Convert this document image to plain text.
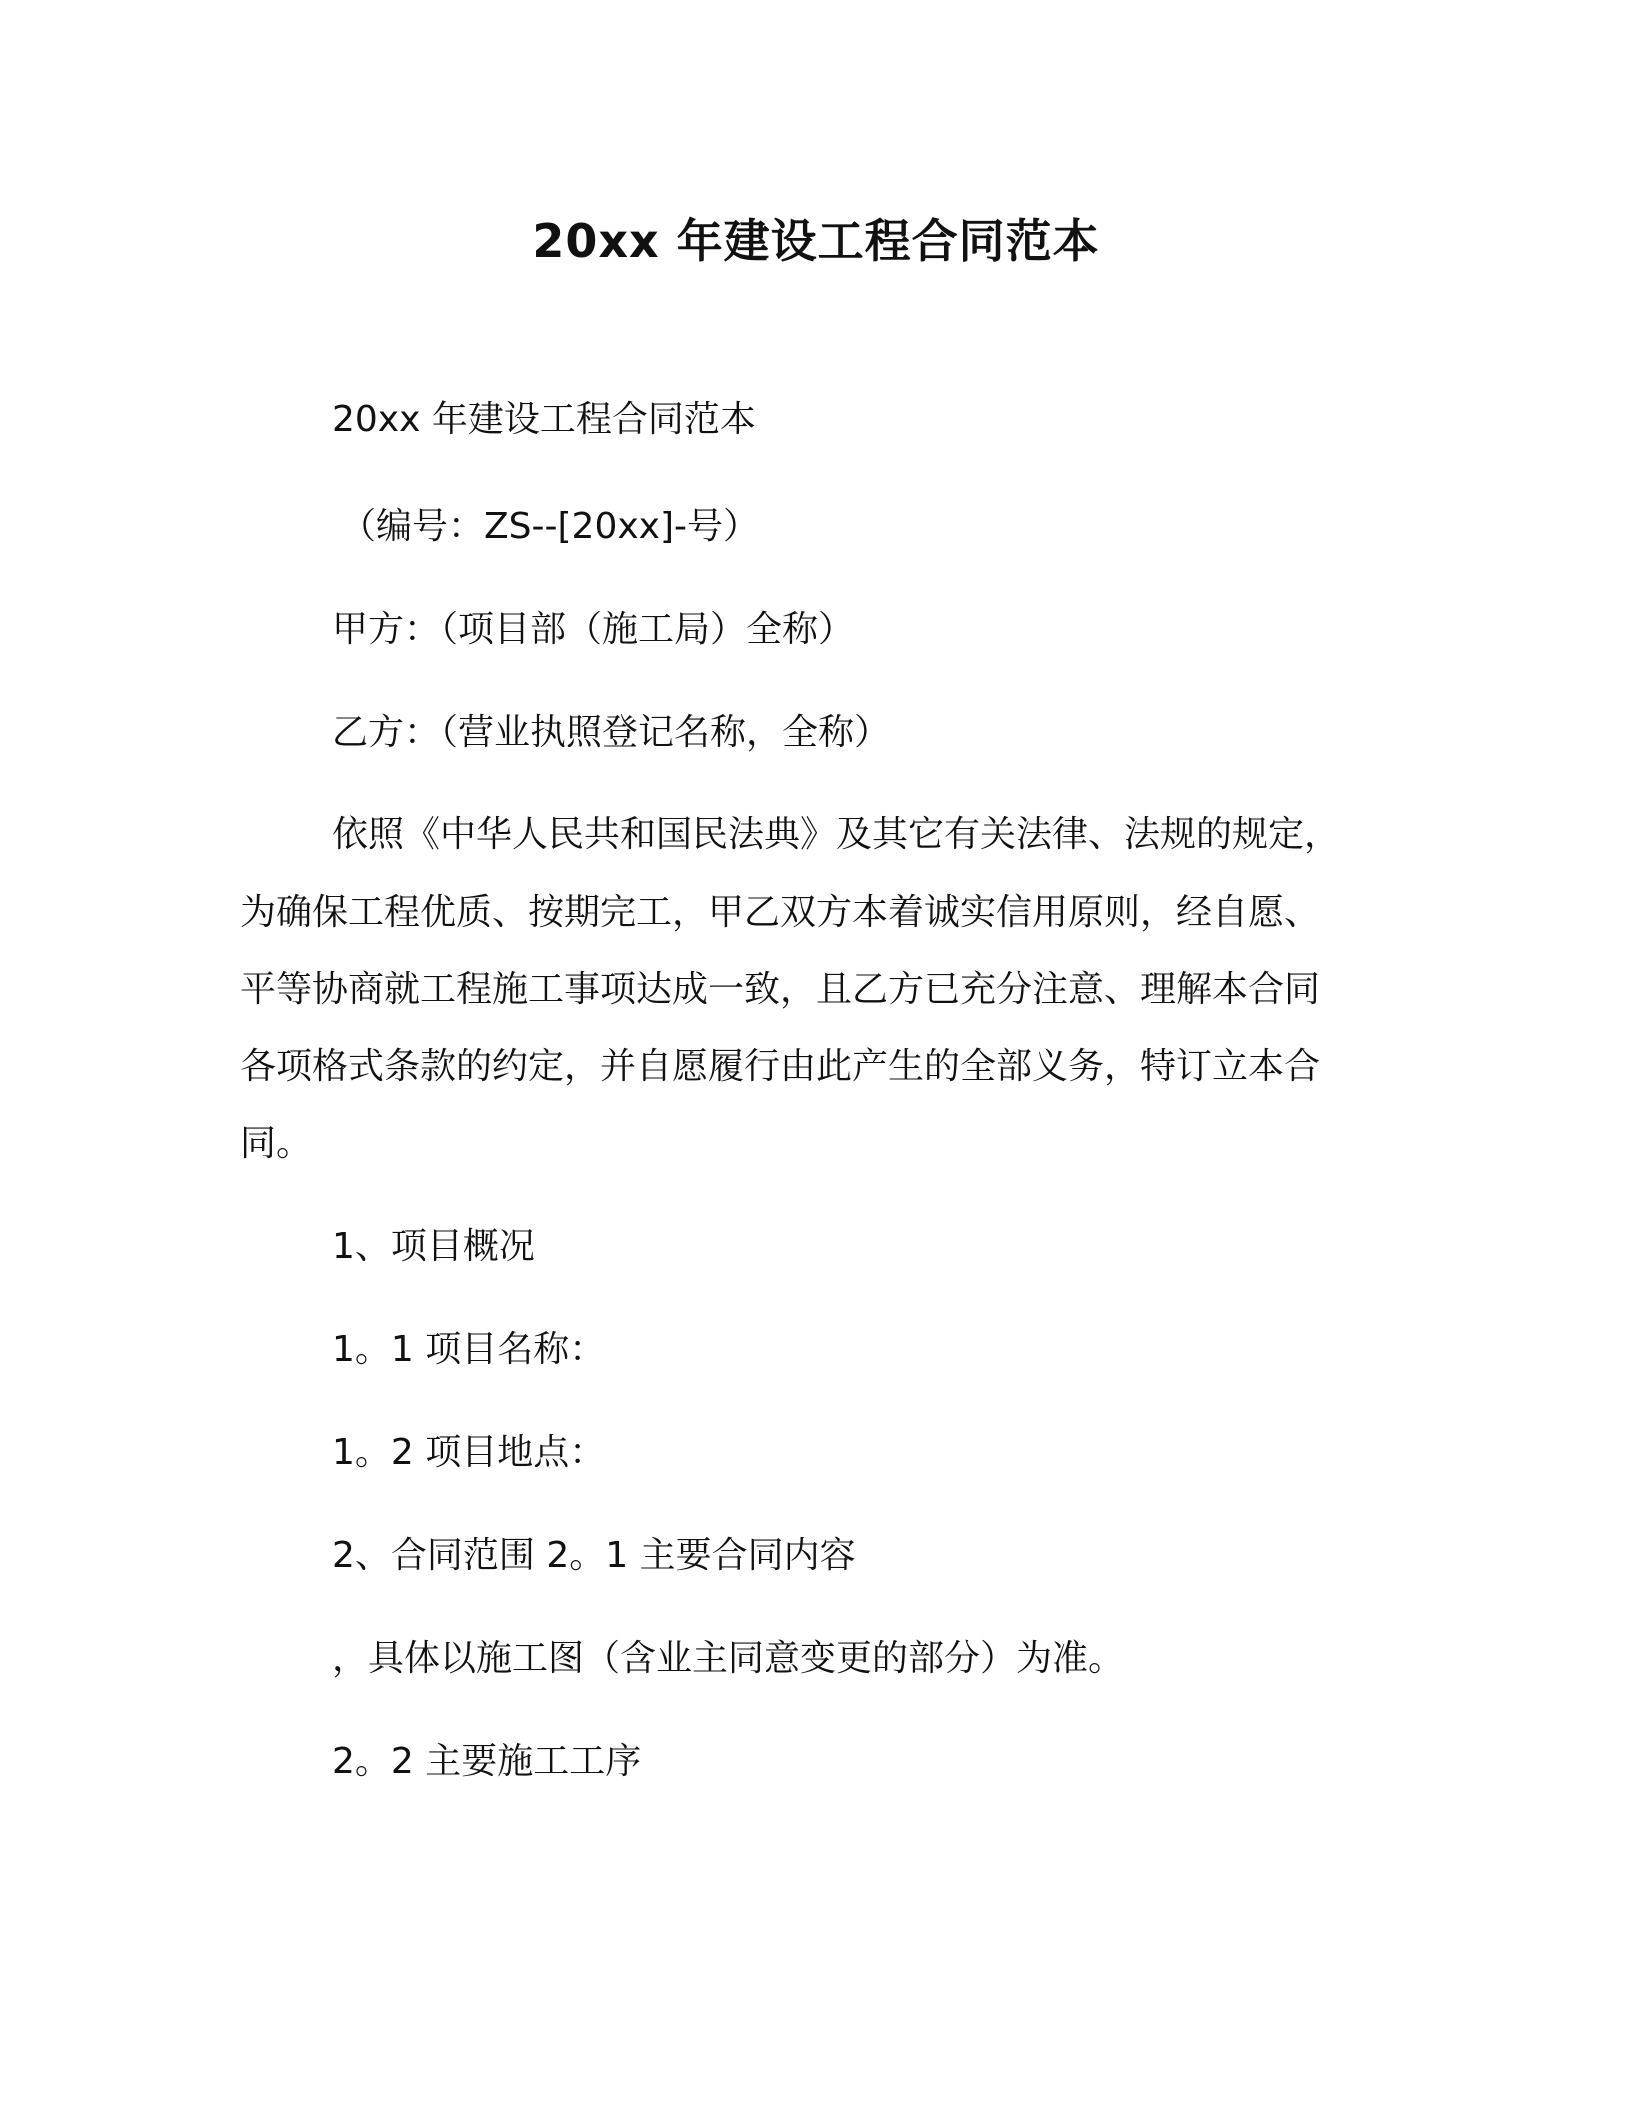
20xx 年建设工程合同范本
20xx 年建设工程合同范本
（编号：ZS--[20xx]-号）
甲方：（项目部（施工局）全称）
乙方：（营业执照登记名称，全称）
依照《中华人民共和国民法典》及其它有关法律、法规的规定，
为确保工程优质、按期完工，甲乙双方本着诚实信用原则，经自愿、
平等协商就工程施工事项达成一致，且乙方已充分注意、理解本合同
各项格式条款的约定，并自愿履行由此产生的全部义务，特订立本合
同。
1、项目概况
1。1 项目名称：
1。2 项目地点：
2、合同范围 2。1 主要合同内容
，具体以施工图（含业主同意变更的部分）为准。
2。2 主要施工工序
